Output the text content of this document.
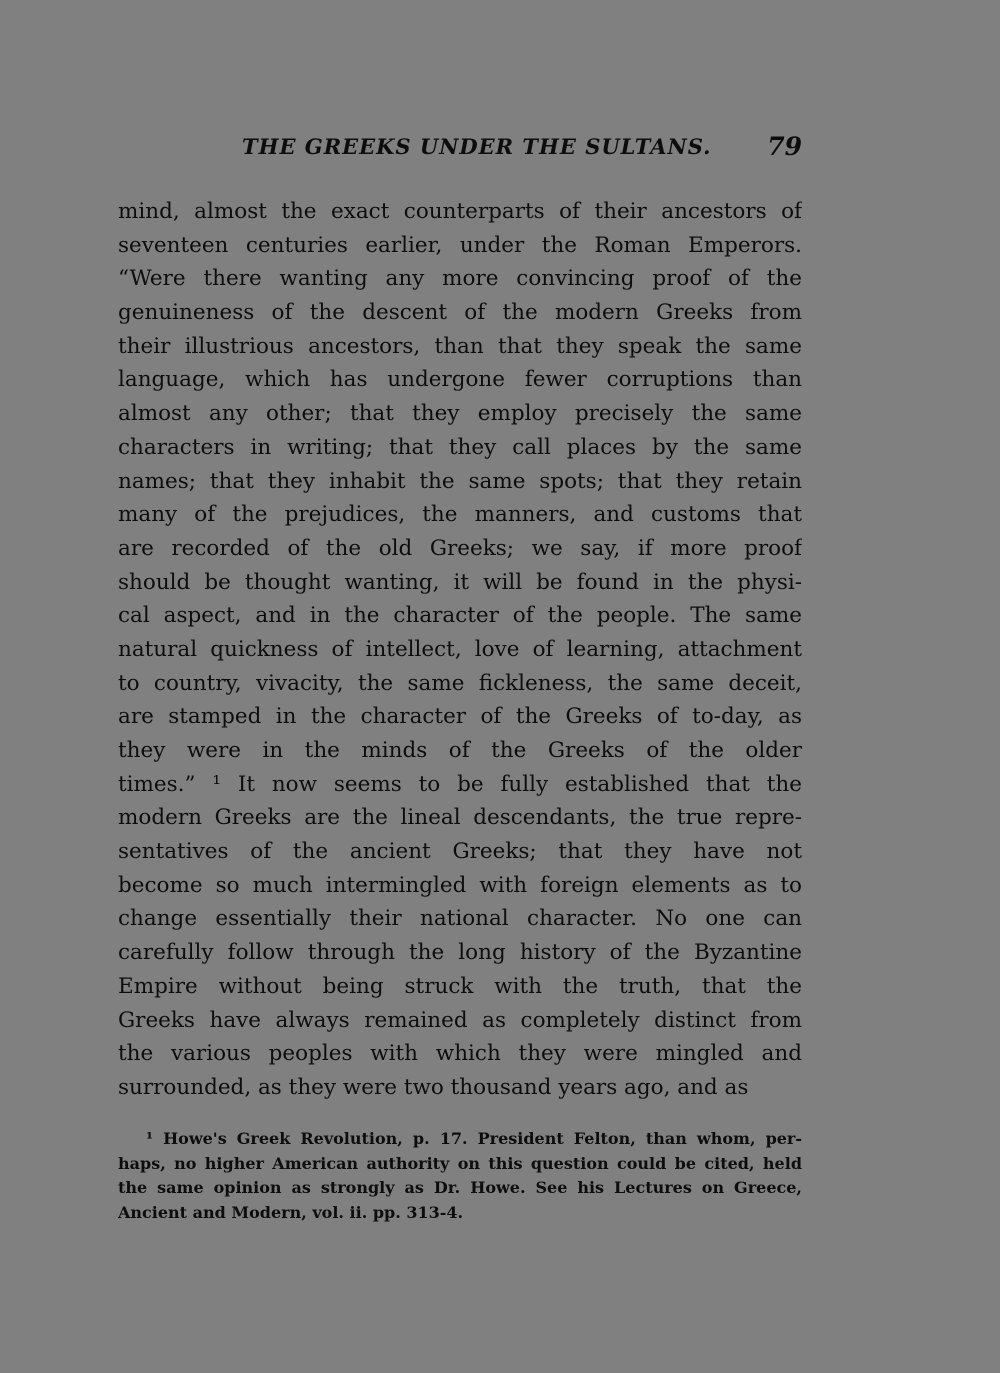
THE GREEKS UNDER THE SULTANS. 79
mind, almost the exact counterparts of their ancestors of
seventeen centuries earlier, under the Roman Emperors.
“Were there wanting any more convincing proof of the
genuineness of the descent of the modern Greeks from
their illustrious ancestors, than that they speak the same
language, which has undergone fewer corruptions than
almost any other; that they employ precisely the same
characters in writing; that they call places by the same
names; that they inhabit the same spots; that they retain
many of the prejudices, the manners, and customs that
are recorded of the old Greeks; we say, if more proof
should be thought wanting, it will be found in the physi-
cal aspect, and in the character of the people. The same
natural quickness of intellect, love of learning, attachment
to country, vivacity, the same fickleness, the same deceit,
are stamped in the character of the Greeks of to-day, as
they were in the minds of the Greeks of the older
times.” ¹ It now seems to be fully established that the
modern Greeks are the lineal descendants, the true repre-
sentatives of the ancient Greeks; that they have not
become so much intermingled with foreign elements as to
change essentially their national character. No one can
carefully follow through the long history of the Byzantine
Empire without being struck with the truth, that the
Greeks have always remained as completely distinct from
the various peoples with which they were mingled and
surrounded, as they were two thousand years ago, and as
¹ Howe's Greek Revolution, p. 17. President Felton, than whom, per-
haps, no higher American authority on this question could be cited, held
the same opinion as strongly as Dr. Howe. See his Lectures on Greece,
Ancient and Modern, vol. ii. pp. 313-4.
